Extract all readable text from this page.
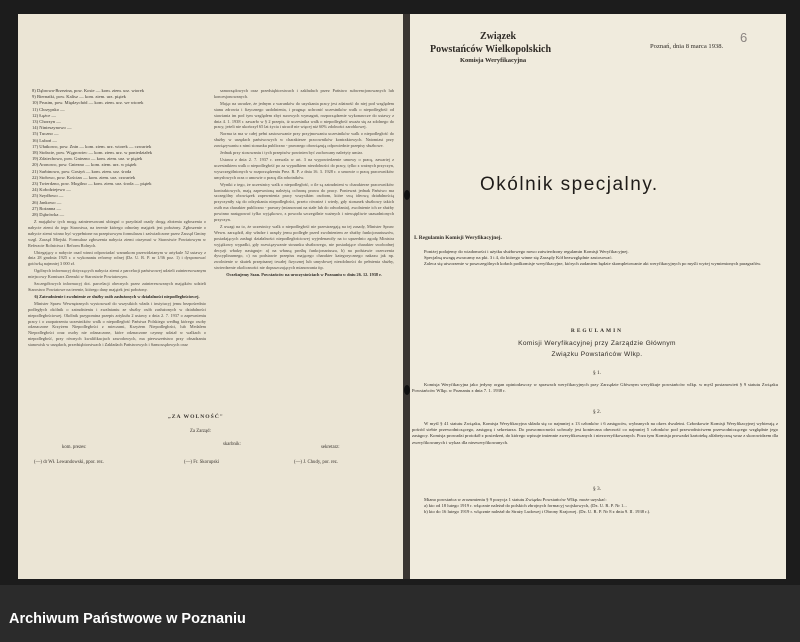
8) Dąbrowa-Brzezina, pow. Kosie — kom. ziem. urz. wtorek
9) Biernatki, pow. Kalisz — kom. ziem. urz. piątek
10) Prusim, pow. Międzychód — kom. ziem. urz. we wtorek
11) Chrzypsko —
12) Łężce —
13) Chorzyn —
14) Ninieszynowo —
15) Tuczno —
16) Luboń —
17) Ułatkowo, pow. Znin — kom. ziem. urz. wtorek — czwartek
18) Stołacie, pow. Wągrowiec — kom. ziem. urz. w poniedziałek
19) Zdziechowo, pow. Gniezno — kom. ziem. urz. w piątek
20) Aronowo, pow. Gniezno — kom. ziem. urz. w piątek
21) Sarbinowo, pow. Gostyń — kom. ziem. urz. środa
22) Stołowo, pow. Kościan — kom. ziem. urz. czwartek
23) Twierdzno, pow. Mogilno — kom. ziem. urz. środa — piątek
24) Kołodziejewo —
25) Szydłowo —
26) Jankowo —
27) Rożanna —
28) Dąbrówka —

Z majątków tych mogą zainteresowani ubiegać o przydział osady drogą złożenia zgłoszenia o nabycie ziemi do tego Starostwa, na terenie którego odnośny majątek jest położony. Zgłoszenie o nabycie ziemi winno być wypełnione na przepisowym formularzu i zaświadczone przez Zarząd Gminy wzgl. Zarząd Miejski. Formularz zgłoszenia nabycia ziemi otrzymać w Starostwie Powiatowym w Referacie Rolnictwa i Reform Rolnych.

Ubiegający o nabycie osad winni odpowiadać warunkom przewidzianym w artykule 52 ustawy z dnia 28 grudnia 1925 r. o wykonaniu reformy rolnej (Dz. U. R. P. nr 1/36 poz. 1) i dysponować gotówką najmniej 3 000 zł.

Ogólnych informacyj dotyczących nabycia ziemi z parcelacji państwowej udzieli zainteresowanym miejscowy Komisarz Ziemski w Starostwie Powiatowym.

Szczegółowych informacyj dot. parcelacji obecnych przez zainteresowanych majątków udzieli Starostwo Powiatowe na terenie, którego dany majątek jest położony.

6) Zatrudnienie i zwolnienie ze służby osób zasłużonych w działalności niepodległościowej.

Minister Spraw Wewnętrznych wystosował do wszystkich władz i instytucyj jemu bezpośrednio podległych okólnik o zatrudnieniu i zwalnianiu ze służby osób zasłużonych w działalności niepodległościowej. Okólnik przypomina przepis artykułu 2 ustawy z dnia 2. 7. 1937 o zapewnieniu pracy i o zaopatrzeniu uczestników walk o niepodległość Państwa Polskiego według którego osoby odznaczone Krzyżem Niepodległości z mieczami, Krzyżem Niepodległości, lub Medalem Niepodległości oraz osoby nie odznaczone, które odznaczone czynny udział w walkach o niepodległość, przy równych kwalifikacjach zawodowych, ma pierwszeństwo przy obsadzaniu stanowisk w urzędach, przedsiębiorstwach i Zakładach Państwowych i Samorządowych oraz

samorządowych oraz przedsiębiorstwach i zakładach przez Państwo subwencjonowanych lub koncesjonowanych.

Mając na uwadze, że jednym z warunków do uzyskania pracy jest zdatność do niej pod względem stanu zdrowia i fizycznego uzdolnienia, i pragnąc uchronić uczestników walk o niepodległość od stawiania im pod tym względem zbyt surowych wymagań, rozporządzenie wykonawcze do ustawy z dnia 4. 1. 1938 r. zawarło w § 2 przepis, iż uczestnika walk o niepodległość uważa się za zdolnego do pracy, jeżeli nie ukończył 65 lat życia i utracił nie więcej niż 60% zdolności zarobkowej.

Norma ta ma w całej pełni zastosowanie przy przyjmowaniu uczestników walk o niepodległość do służby w urzędach państwowych w charakterze pracowników kontraktowych. Natomiast przy zawiązywaniu z nimi stosunku publiczno - prawnego obowiązują odpowiednie przepisy służbowe.

Jednak przy stosowaniu i tych przepisów powinien być zachowany należyty umiar.

Ustawa z dnia 2. 7. 1937 r. zezwala w art. 3 na wypowiedzenie umowy o pracę, zawartej z uczestnikiem walk o niepodległość po za wypadkiem niezdolności do pracy, tylko z ważnych przyczyn, wyszczególnionych w rozporządzeniu Prez. R. P. z dnia 16. 3. 1928 r. o umowie o pracę pracowników umysłowych oraz o umowie o pracę dla robotników.

Wyniki z tego, że uczestnicy walk o niepodległość, o ile są zatrudnieni w charakterze pracowników kontraktowych, mają zapewnioną należytą ochronę prawa do pracy. Ponieważ jednak Państwo ma szczególny obowiązek zapewnienia pracy wszystkim osobom, które swą ideową działalnością przyczyniły się do odzyskania niepodległości, przeto również i wtedy, gdy stosunek służbowy takich osób ma charakter publiczno - prawny (mianowani na stałe lub do odwołania), zwolnienie ich ze służby powinno następować tylko wyjątkowo, z powodu szczególnie ważnych i niewątpliwie uzasadnionych przyczyn.

Z uwagi na to, że uczestnicy walk o niepodległość nie przestrzegają na tej zasady, Minister Spraw Wewn. zarządził, aby władze i urzędy jemu podległe przed zwolnieniem ze służby funkcjonariuszów, posiadających zasługi działalności niepodległościowej wyjedenawiły na to uprzednio zgodę Ministra wyjątkowy wypadki, gdy rozwiązywanie stosunku służbowego, nie posiadające charakter swobodnej decyzji władzy następuje: a) na własną prośbę funkcjonariusza, b) na podstawie orzeczenia dyscyplinarnego, c) na podstawie przepisu mającego charakter kategorycznego nakazu jak np. zwolnienie w skutek przepisanej trwałej fizycznej lub umysłowej niezdolności do pełnienia służby, stwierdzenie okoliczności nie dopuszczających mianowania itp.

Oczekujemy Szan. Powstańców na uroczystościach w Poznaniu w dniu 26. 12. 1938 r.

„ZA WOLNOŚĆ"
Za Zarząd:
kom. prezes:
skarbnik:
sekretarz:
(—) dr Wł. Lewandowski, ppor. rez.	(—) Fr. Skorupski	(—) J. Chudy, por. rez.
Związek
Powstańców Wielkopolskich
Komisja Weryfikacyjna
Poznań, dnia 8 marca 1938.
6
Okólnik specjalny.
I. Regulamin Komisji Weryfikacyjnej.

Poniżej podajemy do wiadomości i użytku służbowego nowo zatwierdzony regulamin Komisji Weryfikacyjnej.

Specjalną uwagę zwracamy na pkt. 3 i 4, do którego winne się Zarządy Kół bezwzględnie zastosować.

Zaleca się utworzenie w poszczególnych kołach podkomisje weryfikacyjne, których zadaniem będzie skompletowanie akt weryfikacyjnych po myśli wyżej wymienionych paragrafów.

REGULAMIN
Komisji Weryfikacyjnej przy Zarządzie Głównym
Związku Powstańców Wlkp.
§ 1.

Komisja Weryfikacyjna jako jedyny organ opiniodawczy w sprawach weryfikacyjnych przy Zarządzie Głównym weryfikuje powstańców wlkp. w myśl postanowień § 9 statutu Związku Powstańców Wlkp. w Poznaniu z dnia 7. 1. 1938 r.

§ 2.

W myśl § 41 statutu Związku, Komisja Weryfikacyjna składa się co najmniej z 13 członków i 6 zastępców, wybranych na okres dwuletni. Członkowie Komisji Weryfikacyjnej wybierają z pośród siebie przewodniczącego, zastępcę i sekretarza. Do prawomocności uchwały jest konieczna obecność co najmniej 5 członków pod przewodnictwem przewodniczącego względnie jego zastępcy. Komisja prowadzi protokół z posiedzeń, do którego wpisuje imiennie zweryfikowanych i niezweryfikowanych. Poza tym Komisja prowadzi kartotekę alfabetyczną wraz z skorowidzem dla zweryfikowanych i wykaz dla niezweryfikowanych.

§ 3.

Miano powstańca w zrozumieniu § 9 pozycja 1 statutu Związku Powstańców Wlkp. może uzyskać:

a) kto od 18 lutego 1919 r. włącznie należał do polskich zbrojnych formacyj wojskowych, (Dz. U. R. P. Nr 1...

b) kto do 16 lutego 1919 r. włącznie należał do Straży Ludowej i Obrony Krajowej. (Dz. U. R. P. Nr 8 z dnia 9. II. 1938 r.).

Archiwum Państwowe w Poznaniu
